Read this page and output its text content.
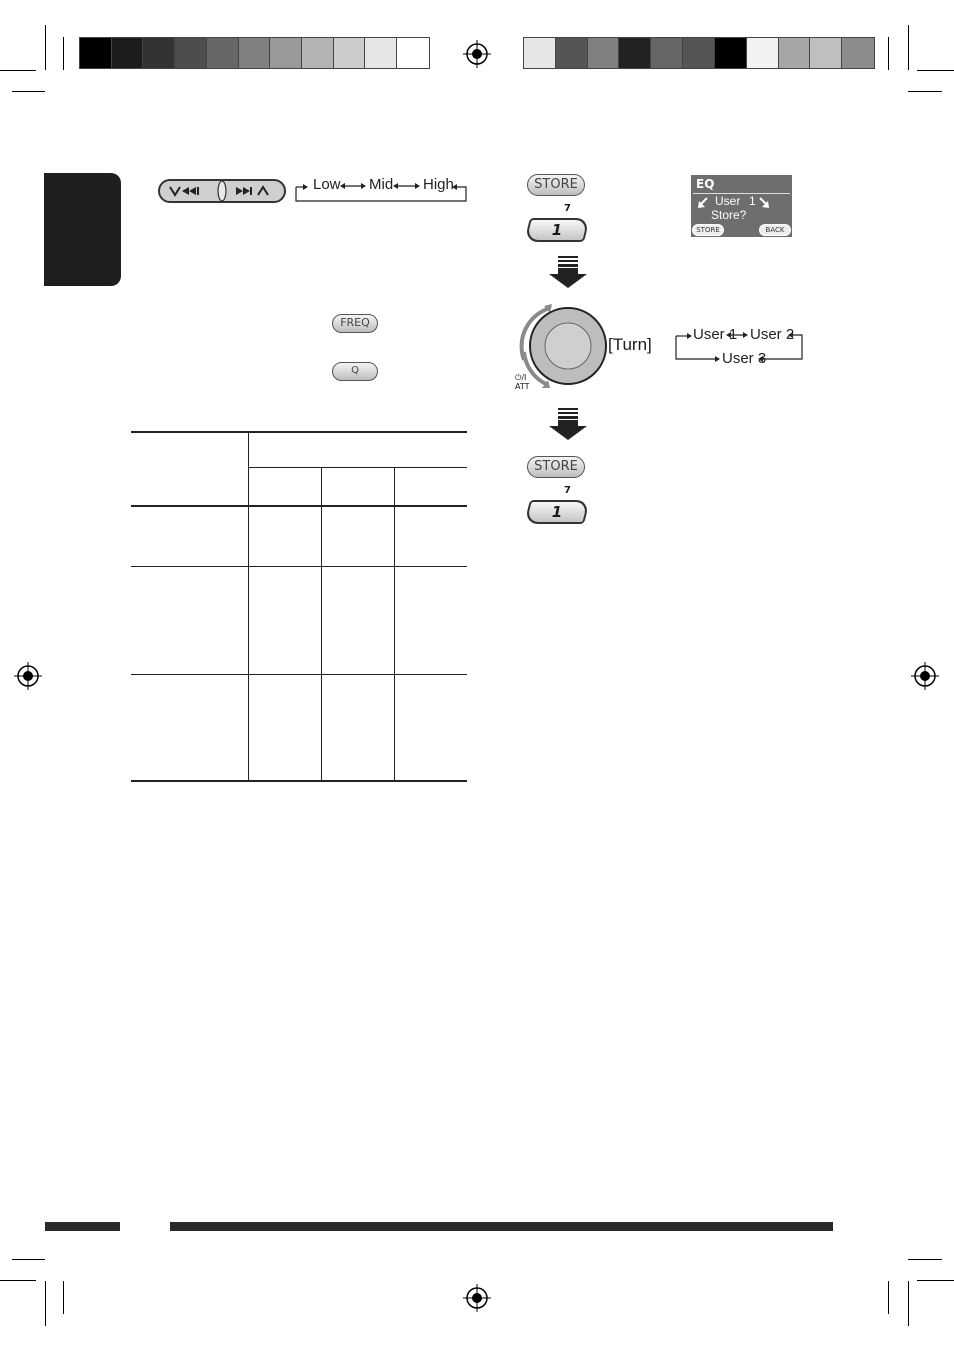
Low Mid High
FREQ
Q
STORE
7
1
[Turn]
⏻/I
ATT
STORE
7
1
EQ
User 1
Store?
STORE	BACK
User 1 User 2
User 3
